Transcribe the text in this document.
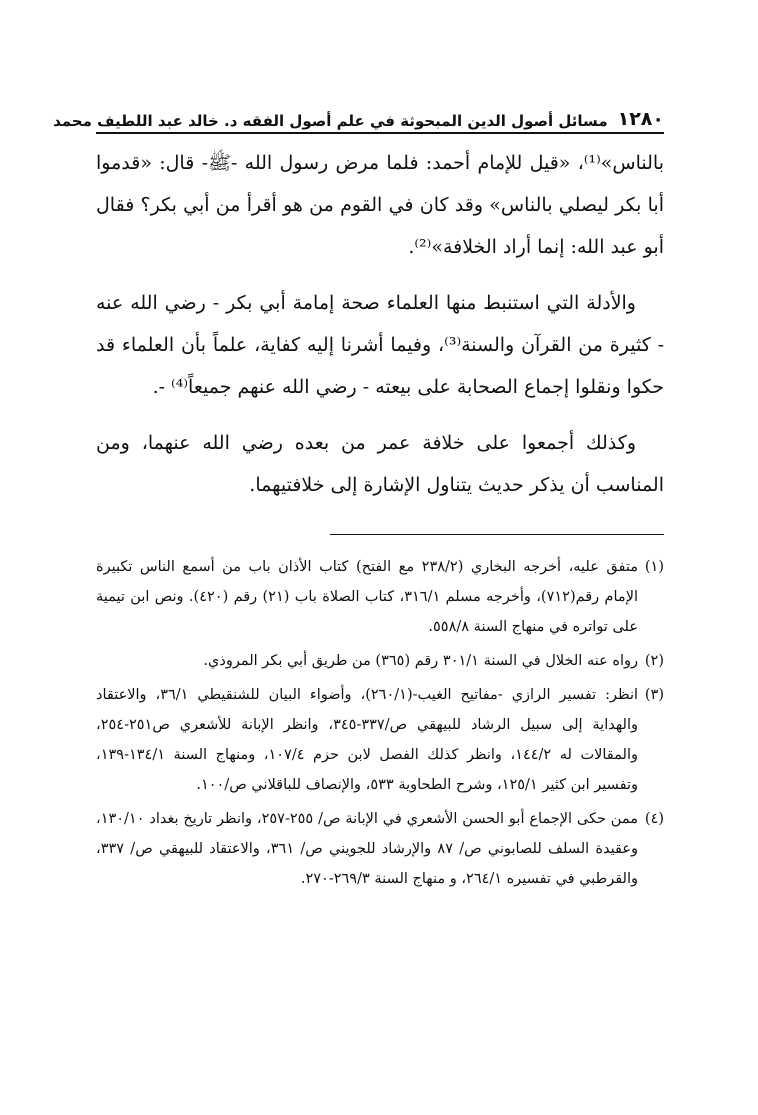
١٢٨٠
مسائل أصول الدين المبحوثة في علم أصول الفقه د. خالد عبد اللطيف محمد

بالناس»⁽¹⁾، «قيل للإمام أحمد: فلما مرض رسول الله -ﷺ- قال: «قدموا أبا بكر ليصلي بالناس» وقد كان في القوم من هو أقرأ من أبي بكر؟ فقال أبو عبد الله: إنما أراد الخلافة»⁽²⁾.

والأدلة التي استنبط منها العلماء صحة إمامة أبي بكر - رضي الله عنه - كثيرة من القرآن والسنة⁽³⁾، وفيما أشرنا إليه كفاية، علماً بأن العلماء قد حكوا ونقلوا إجماع الصحابة على بيعته - رضي الله عنهم جميعاً⁽⁴⁾ -.

وكذلك أجمعوا على خلافة عمر من بعده رضي الله عنهما، ومن المناسب أن يذكر حديث يتناول الإشارة إلى خلافتيهما.

(١)متفق عليه، أخرجه البخاري (٢٣٨/٢ مع الفتح) كتاب الأذان باب من أسمع الناس تكبيرة الإمام رقم(٧١٢)، وأخرجه مسلم ٣١٦/١، كتاب الصلاة باب (٢١) رقم (٤٢٠). ونص ابن تيمية على تواتره في منهاج السنة ٥٥٨/٨.
(٢)رواه عنه الخلال في السنة ٣٠١/١ رقم (٣٦٥) من طريق أبي بكر المروذي.
(٣)انظر: تفسير الرازي -مفاتيح الغيب-(٢٦٠/١)، وأضواء البيان للشنقيطي ٣٦/١، والاعتقاد والهداية إلى سبيل الرشاد للبيهقي ص/٣٣٧-٣٤٥، وانظر الإبانة للأشعري ص٢٥١-٢٥٤، والمقالات له ١٤٤/٢، وانظر كذلك الفصل لابن حزم ١٠٧/٤، ومنهاج السنة ١٣٤/١-١٣٩، وتفسير ابن كثير ١٢٥/١، وشرح الطحاوية ٥٣٣، والإنصاف للباقلاني ص/١٠٠.
(٤)ممن حكى الإجماع أبو الحسن الأشعري في الإبانة ص/ ٢٥٥-٢٥٧، وانظر تاريخ بغداد ١٣٠/١٠، وعقيدة السلف للصابوني ص/ ٨٧ والإرشاد للجويني ص/ ٣٦١، والاعتقاد للبيهقي ص/ ٣٣٧، والقرطبي في تفسيره ٢٦٤/١، و منهاج السنة ٢٦٩/٣-٢٧٠.
